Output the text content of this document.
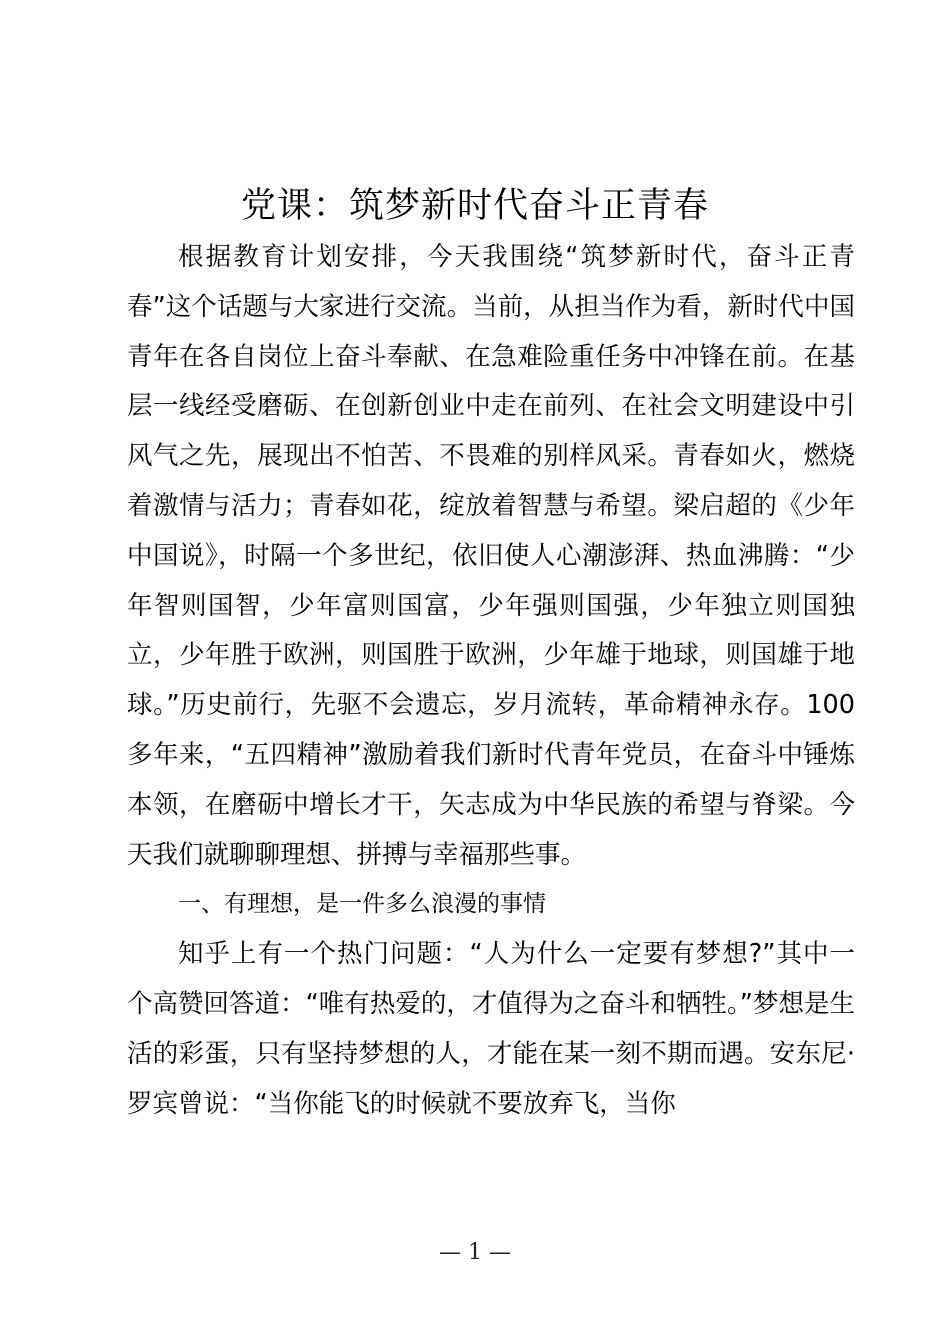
党课：筑梦新时代奋斗正青春

根据教育计划安排，今天我围绕“筑梦新时代，奋斗正青春”这个话题与大家进行交流。当前，从担当作为看，新时代中国青年在各自岗位上奋斗奉献、在急难险重任务中冲锋在前。在基层一线经受磨砺、在创新创业中走在前列、在社会文明建设中引风气之先，展现出不怕苦、不畏难的别样风采。青春如火，燃烧着激情与活力；青春如花，绽放着智慧与希望。梁启超的《少年中国说》，时隔一个多世纪，依旧使人心潮澎湃、热血沸腾：“少年智则国智，少年富则国富，少年强则国强，少年独立则国独立，少年胜于欧洲，则国胜于欧洲，少年雄于地球，则国雄于地球。”历史前行，先驱不会遗忘，岁月流转，革命精神永存。100多年来，“五四精神”激励着我们新时代青年党员，在奋斗中锤炼本领，在磨砺中增长才干，矢志成为中华民族的希望与脊梁。今天我们就聊聊理想、拼搏与幸福那些事。

一、有理想，是一件多么浪漫的事情

知乎上有一个热门问题：“人为什么一定要有梦想?”其中一个高赞回答道：“唯有热爱的，才值得为之奋斗和牺牲。”梦想是生活的彩蛋，只有坚持梦想的人，才能在某一刻不期而遇。安东尼·罗宾曾说：“当你能飞的时候就不要放弃飞，当你

— 1 —
